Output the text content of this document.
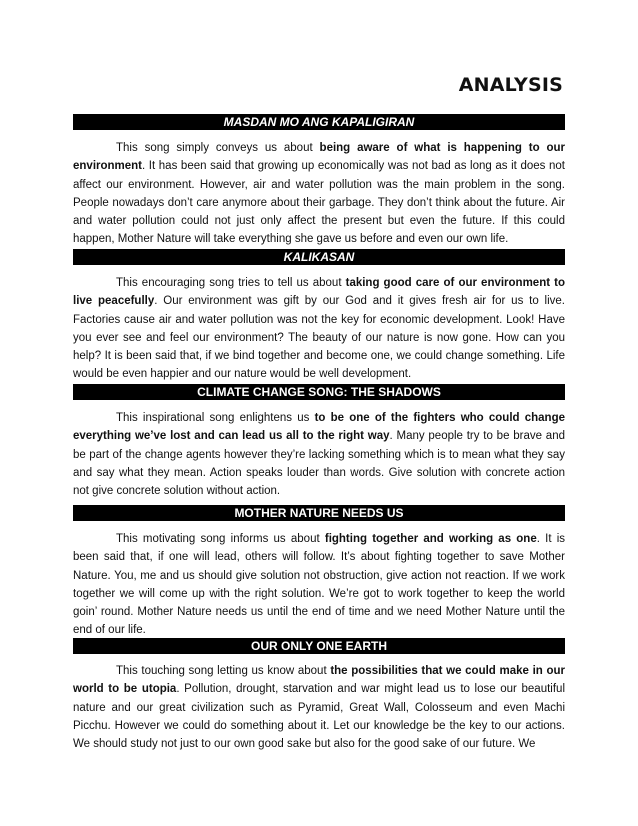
ANALYSIS
MASDAN MO ANG KAPALIGIRAN

This song simply conveys us about being aware of what is happening to our environment. It has been said that growing up economically was not bad as long as it does not affect our environment. However, air and water pollution was the main problem in the song. People nowadays don’t care anymore about their garbage. They don’t think about the future. Air and water pollution could not just only affect the present but even the future. If this could happen, Mother Nature will take everything she gave us before and even our own life.

KALIKASAN

This encouraging song tries to tell us about taking good care of our environment to live peacefully. Our environment was gift by our God and it gives fresh air for us to live. Factories cause air and water pollution was not the key for economic development. Look! Have you ever see and feel our environment? The beauty of our nature is now gone. How can you help? It is been said that, if we bind together and become one, we could change something. Life would be even happier and our nature would be well development.

CLIMATE CHANGE SONG: THE SHADOWS

This inspirational song enlightens us to be one of the fighters who could change everything we’ve lost and can lead us all to the right way. Many people try to be brave and be part of the change agents however they’re lacking something which is to mean what they say and say what they mean. Action speaks louder than words. Give solution with concrete action not give concrete solution without action.

MOTHER NATURE NEEDS US

This motivating song informs us about fighting together and working as one. It is been said that, if one will lead, others will follow. It’s about fighting together to save Mother Nature. You, me and us should give solution not obstruction, give action not reaction. If we work together we will come up with the right solution. We’re got to work together to keep the world goin’ round. Mother Nature needs us until the end of time and we need Mother Nature until the end of our life.

OUR ONLY ONE EARTH

This touching song letting us know about the possibilities that we could make in our world to be utopia. Pollution, drought, starvation and war might lead us to lose our beautiful nature and our great civilization such as Pyramid, Great Wall, Colosseum and even Machi Picchu. However we could do something about it. Let our knowledge be the key to our actions. We should study not just to our own good sake but also for the good sake of our future. We
